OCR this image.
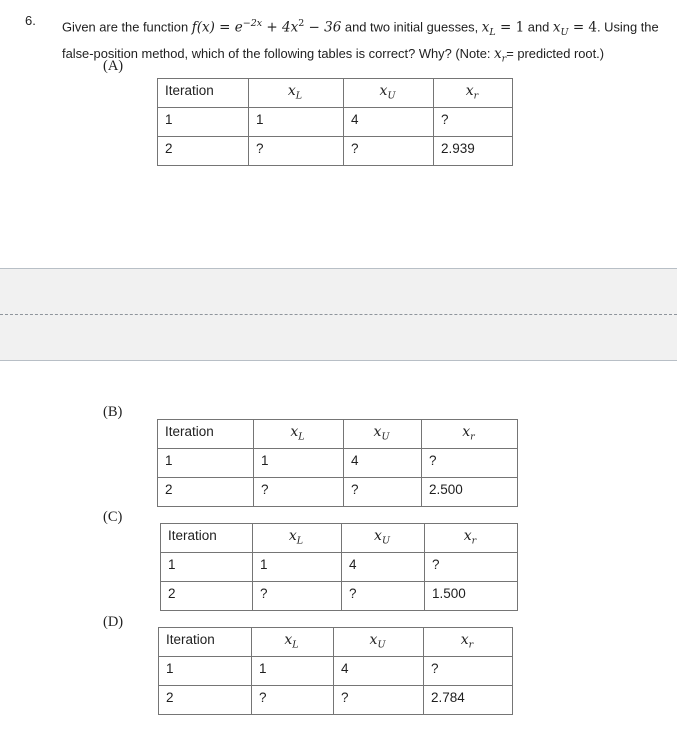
6. Given are the function $f(x) = e^{-2x} + 4x^2 - 36$ and two initial guesses, $x_L = 1$ and $x_U = 4$. Using the
false-position method, which of the following tables is correct? Why? (Note: $x_r=$ predicted root.)
(A)
Iteration	$x_L$	$x_U$	$x_r$
1	1	4	?
2	?	?	2.939
(B)
Iteration	$x_L$	$x_U$	$x_r$
1	1	4	?
2	?	?	2.500
(C)
Iteration	$x_L$	$x_U$	$x_r$
1	1	4	?
2	?	?	1.500
(D)
Iteration	$x_L$	$x_U$	$x_r$
1	1	4	?
2	?	?	2.784
